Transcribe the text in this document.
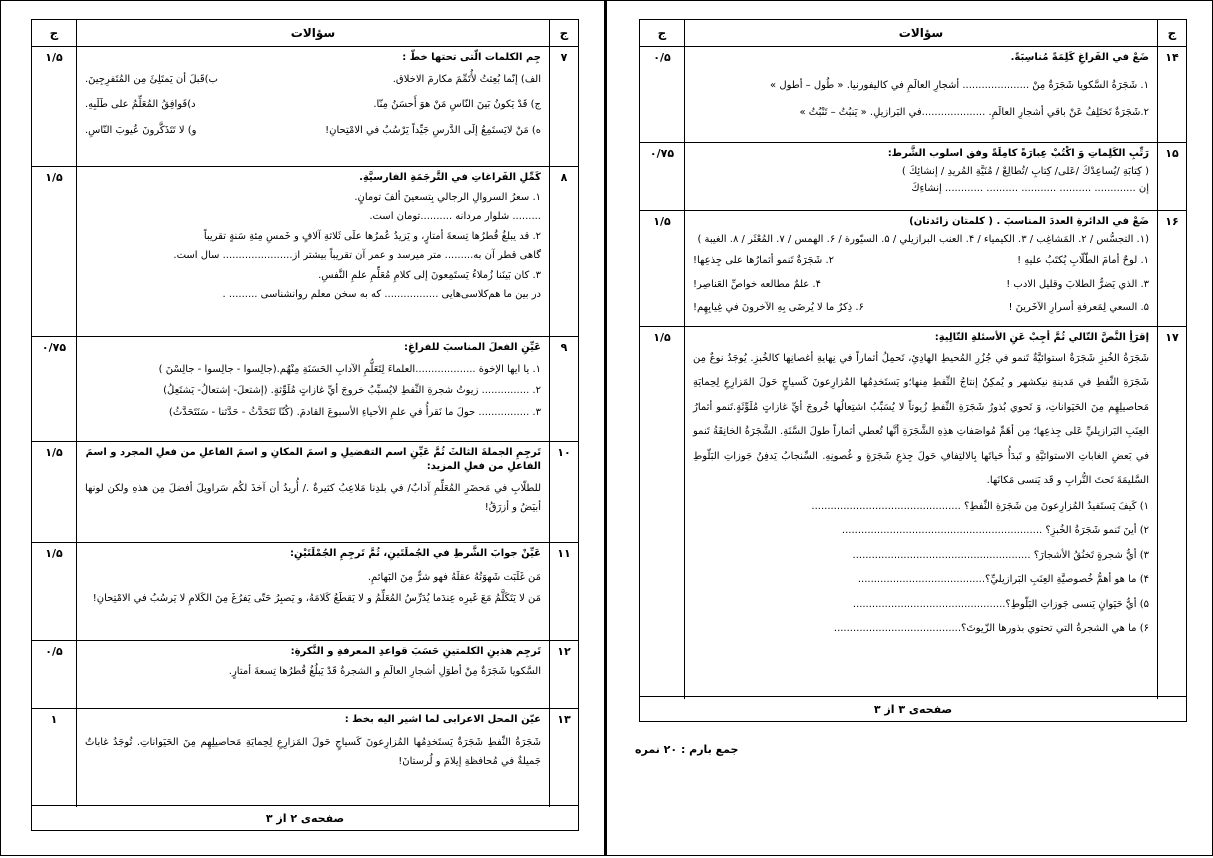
ج
سؤالات
ج
۷
جِم الکلمات الّتی تحتها خطّ :
الف) إنّما بُعِثتُ لأُتَمِّمَ مکارمَ الاخلاق.
ب)قَبلَ أن يَمتَلِئَ مِن المُتَفرِجِينَ.
ج) قَدْ يَكونُ بَينَ النّاسِ مَنْ هوَ أَحسَنُ مِنّا.
د)فَوافِقُ المُعَلِّمُ على طَلَبِهِ.
ه) مَنْ لايَستَمِعُ إلَى الدَّرسِ جَيِّداً يَرْسُبُ في الامْتِحانِ!
و) لا تَتَذَكَّرونَ عُيوبَ النّاسِ.
۱/۵
۸
کَمِّلِ الفَراغاتِ في التَّرجَمَةِ الفارسيَّةِ.
۱. سعرُ السروالِ الرجالي بِتسعينَ ألفَ تومانٍ.
......... شلوار مردانه ..........تومان است.
۲. قد يبلغُ قُطرُها تِسعةَ أمتارٍ، و يَزيدُ عُمرُها علَى ثَلاثةِ آلافٍ و خَمسِ مِئةِ سَنةٍ تقريباً
گاهی قطر آن به......... متر میرسد و عمر آن تقریباً بیشتر از...................... سال است.
۳. کان بَينَنا زُملاءُ يَستَمِعونَ إلى كلامِ مُعَلِّمِ علمِ النَّفسِ.
در بین ما هم‌کلاسی‌هایی ................. که به سخن معلم روانشناسی ......... .
۱/۵
۹
عَيِّنِ الفعلَ المناسبَ للفراغِ:
۱. يا ايها الإخوة ...................العلماءَ لِتَعَلُّمِ الآدابِ الحَسَنَةِ مِنْهُم.(جالِسوا - جالِسوا - جالِسْنَ )
۲. ............... زيوتُ شجرةِ النِّفطِ لايُسبِّبُ خروجَ أيِّ غازاتٍ مُلَوِّثةٍ. (إشتعلَ- إشتعالُ- يَشتَعِلُ)
۳. ................ حولَ ما نَقرأُ في علمِ الأحياءِ الأسبوعَ القادمَ. (كُنّا نَتَحَدَّثُ - حَدَّثنا - سَنَتَحَدَّثُ)
۰/۷۵
۱۰
تَرجِمِ الجملةَ الثالثَ ثُمَّ عَيِّنِ اسم التفضيلِ و اسمَ المكانِ و اسمَ الفاعلِ من فعلِ المجرد و اسمَ الفاعلِ من فعلِ المزيد:
للطلّابِ في مَحضَرِ المُعَلِّمِ آدابٌ/ في بلدِنا مَلاعِبُ كثيرةٌ ./ أُريدُ أن آخذَ لكُم سَراويلَ أفضلَ مِن هذهِ ولكن لونها أبيَضُ و أزرَقُ!
۱/۵
۱۱
عَيِّنْ جوابَ الشَّرطِ في الجُملَتَينِ، ثُمَّ تَرجِمِ الجُمْلَتَيْنِ:
مَن غَلَبَت شَهوَتُهُ عقلَهُ فهو شرٌّ مِنَ البَهائمِ.
مَن لا يَتَكَلَّمُ مَعَ غَيرِه عِندَما يُدَرِّسُ المُعَلِّمُ و لا يَقطَعُ كَلامَهُ، و يَصبِرُ حَتّى يَفرُغَ مِنَ الكَلامِ لا يَرسُبُ في الامْتِحانِ!
۱/۵
۱۲
تَرجِم هذينِ الكلمتينِ حَسَبَ قواعدِ المعرفةِ و النَّكرةِ:
السَّكويا شَجَرَةٌ مِنْ أطوَلِ أشجارِ العالَمِ و الشجرةُ قَدْ يَبلُغُ قُطرُها تِسعةَ أمتارٍ.
۰/۵
۱۳
عيّن المحل الاعرابی لما اشير اليه بخط :
شَجَرَةُ النِّفطِ شَجَرَةٌ يَستَخدِمُها المُزارِعونَ كَسياجٍ حَولَ المَزارِعِ لِحِمايَةِ مَحاصيلِهِم مِنَ الحَيَواناتِ. تُوجَدُ غاباتٌ جَميلةٌ في مُحافظةِ إيلامَ و لُرستانَ!
۱
صفحه‌ی ۲ از ۳
ج
سؤالات
ج
۱۴
ضَعْ في الفَراغِ كَلِمَةً مُناسِبَةً.
۱. شَجَرَةُ السَّكويا شَجَرَةٌ مِنْ ..................... أشجارِ العالَمِ في كاليفورنيا. « طُول – أطول »
۲.شَجَرَةٌ تَختَلِفُ عَنْ باقي أشجارِ العالَمِ. ....................في البَرازيلِ. « يَنبُتُ – تَنْبُتُ »
۰/۵
۱۵
رَتِّبِ الكَلِماتِ وَ اكْتُبْ عِبارَةً كامِلَةً وفق اسلوب الشَّرط:
( كِتابَةِ /يُساعِدْكَ /عَلى/ كِتابِ /تُطالِعْ / مُنَيَّةِ المُريدِ / إنشائِكَ )
إن ............. .......... ........... .......... ............ إنشاءِكَ
۰/۷۵
۱۶
ضَعْ في الدائرةِ العددَ المناسبَ . ( كلمتان زائدتان)
(۱. التجسُّس / ۲. المَشاغِب / ۳. الكيمياء / ۴. العنب البرازيلي / ۵. السيّورة / ۶. الهمس / ۷. المُعْثَر / ۸. الغيبة )
۱. لوحٌ أمامَ الطّلّابِ يُكتَبُ عليهِ !
۲. شَجَرَةٌ تَنمو أثمارُها علی جِذعِها!
۳. الذي يَضرُّ الطلابَ وقليل الادب !
۴. علمٌ مطالعه خواصِّ العَناصِر!
۵. السعي لِمَعرفةِ أسرارِ الآخَرينَ !
۶. ذِكرٌ ما لا يُرضَى بِهِ الآخرونَ في غِيابِهِم!
۱/۵
۱۷
إقرَأِ النَّصَّ التّالي ثُمَّ أجِبْ عَنِ الأسئلةِ التّالِيةِ:
شَجَرَةُ الخُبزِ شَجَرَةٌ استوائيَّةٌ تَنمو في جُزُرِ المُحيطِ الهادِئِ، تَحمِلُ أثماراً في نِهايةِ أغصانِها كالخُبزِ. يُوجَدُ نوعٌ مِن شَجَرَةِ النِّفطِ في مَدينةِ نيكشهر و يُمكِنُ إنتاجُ النِّفطِ مِنها؛و يَستَخدِمُها المُزارِعونَ كَسياجٍ حَولَ المَزارِعِ لِحِمايَةِ مَحاصيلِهِم مِنَ الحَيَواناتِ، وَ تَحوي بُذورُ شَجَرَةِ النِّفطِ زُيوتاً لا يُسَبِّبُ اشتِعالُها خُروجَ أيِّ غازاتٍ مُلَوِّثَةٍ.تَنمو أثمارُ العِنَبِ البَرازيليِّ عَلى جِذعِها؛ مِن أهَمِّ مُواصَفاتِ هذِهِ الشَّجَرَةِ أنَّها تُعطي أثماراً طولَ السَّنَةِ. الشَّجَرَةُ الخانِقَةُ تَنمو في بَعضِ الغاباتِ الاستوائيَّةِ و تَبدَأُ حَياتَها بِالالتِفافِ حَولَ جِذعِ شَجَرَةٍ و غُصونِهِ. السِّنجابُ يَدفِنُ جَوزاتِ البَلّوطِ السَّليمَةَ تَحتَ التُّرابِ و قَد يَنسى مَكانَها.
۱) كَيفَ يَستَفيدُ المُزارِعونَ مِن شَجَرَةِ النِّفطِ؟ ...............................................
۲) أينَ تَنمو شَجَرَةُ الخُبزِ؟ ...............................................................
۳) أيُّ شجرةٍ تَخنُقُ الأشجارَ؟ ........................................................
۴) ما هو أهمُّ خُصوصيَّةِ العِنَبِ البَرازيليِّ؟........................................
۵) أيُّ حَيَوانٍ يَنسى جَوزاتِ البَلّوطِ؟................................................
۶) ما هي الشجرةُ التي تحتوي بذورها الزّيوتَ؟........................................
۱/۵
صفحه‌ی ۳ از ۳
جمع بارم : ۲۰ نمره
